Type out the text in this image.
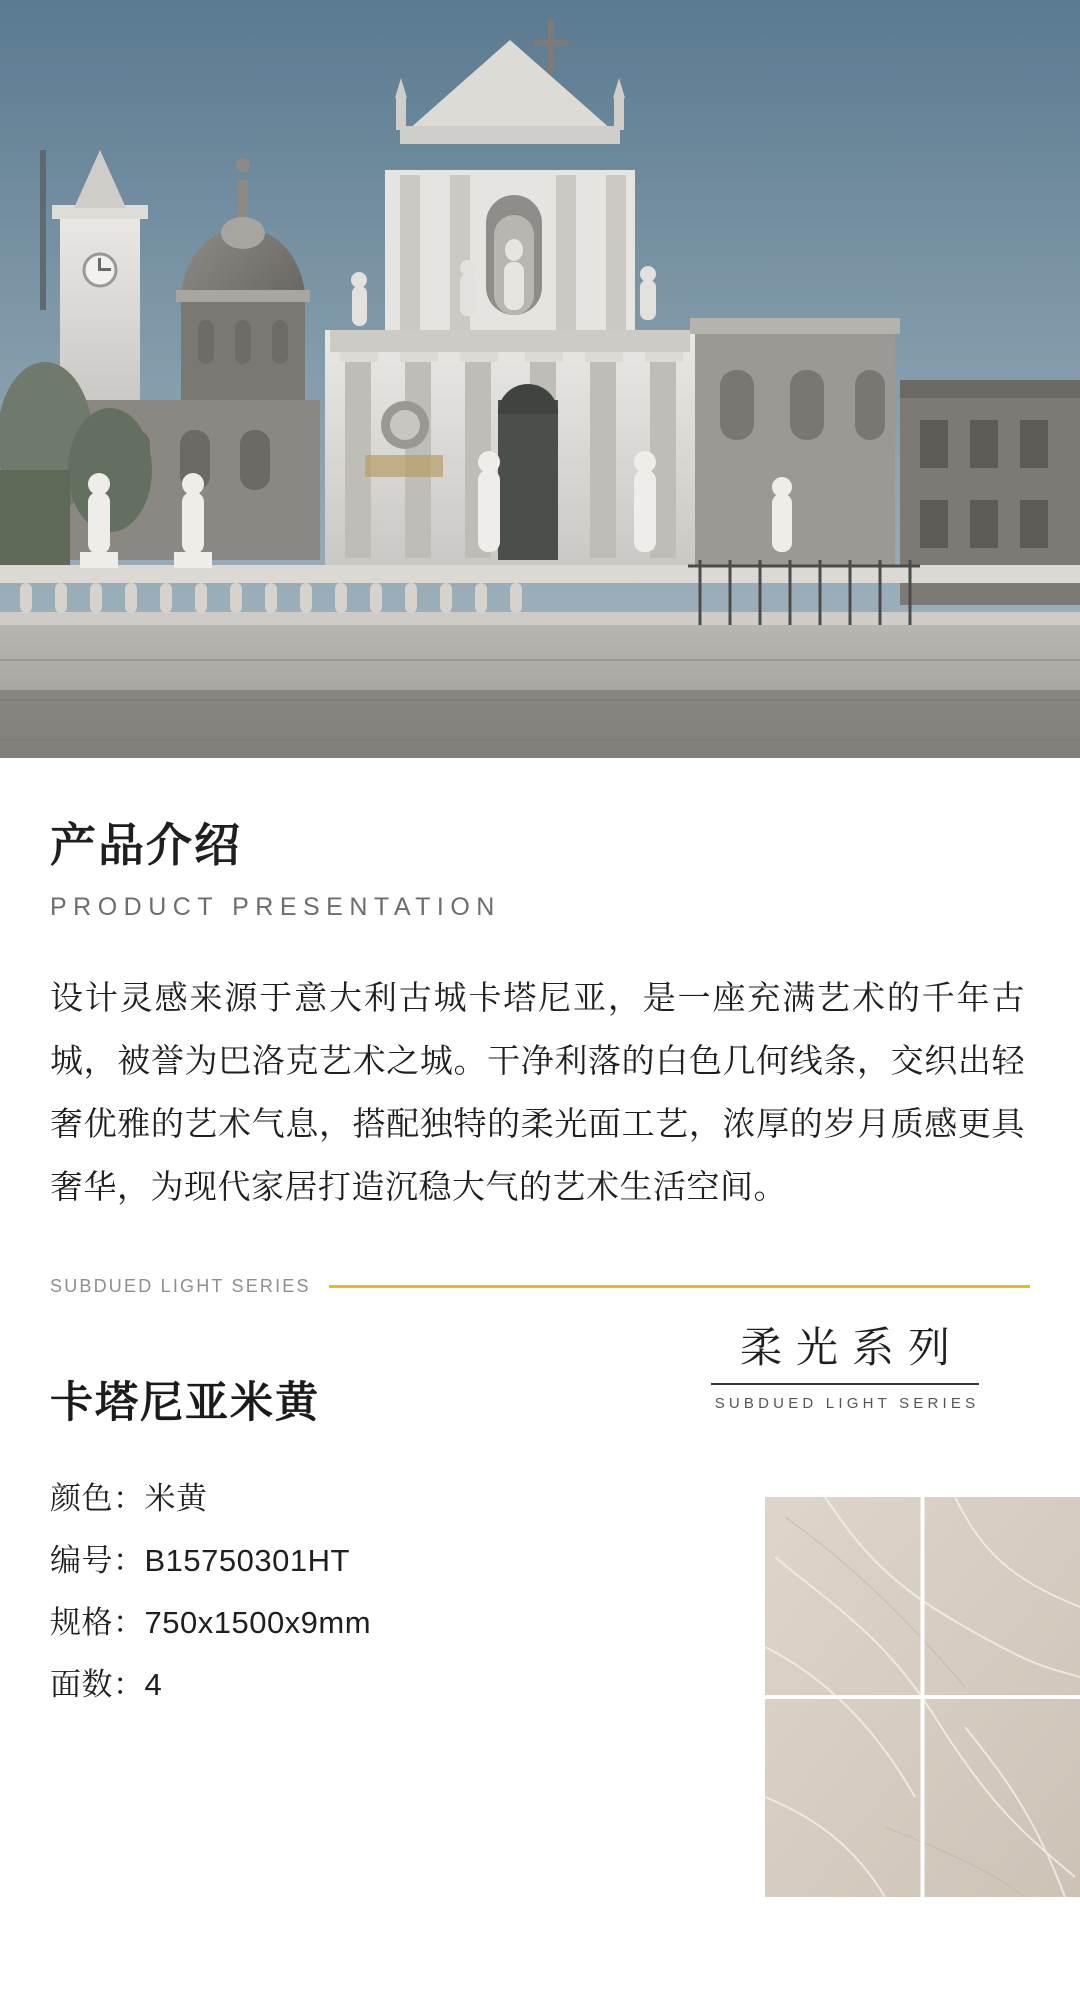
产品介绍
PRODUCT PRESENTATION
设计灵感来源于意大利古城卡塔尼亚，是一座充满艺术的千年古城，被誉为巴洛克艺术之城。干净利落的白色几何线条，交织出轻奢优雅的艺术气息，搭配独特的柔光面工艺，浓厚的岁月质感更具奢华，为现代家居打造沉稳大气的艺术生活空间。
SUBDUED LIGHT SERIES
卡塔尼亚米黄
颜色：米黄
编号：B15750301HT
规格：750x1500x9mm
面数：4
柔光系列
SUBDUED LIGHT SERIES
